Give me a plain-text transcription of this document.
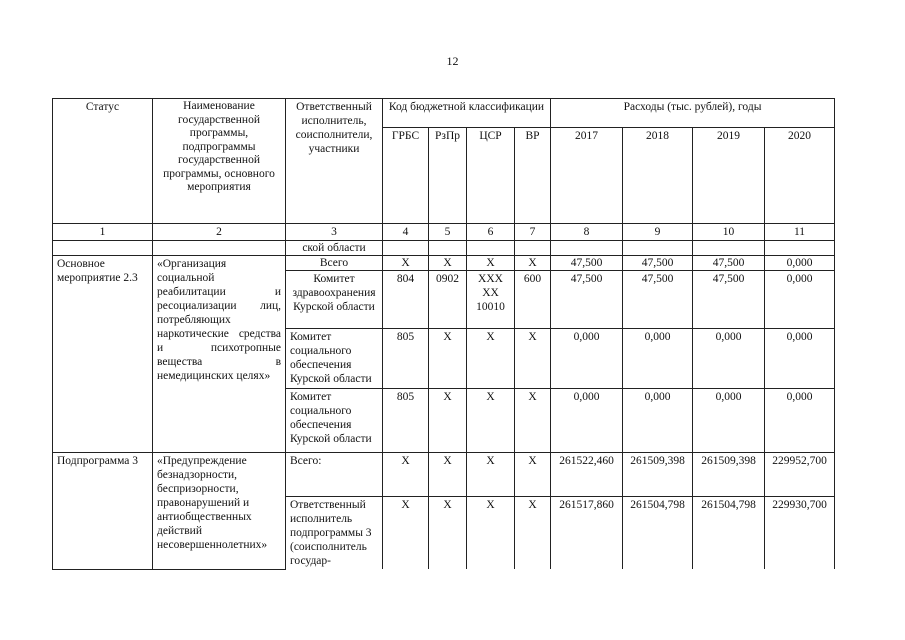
12
Статус	Наименование государственной программы, подпрограммы государственной программы, основного мероприятия	Ответственный исполнитель, соисполнители, участники	Код бюджетной классификации				Расходы (тыс. рублей), годы			
			ГРБС	РзПр	ЦСР	ВР	2017	2018	2019	2020
1	2	3	4	5	6	7	8	9	10	11
		ской области								
Основное мероприятие 2.3	«Организация социальной реабилитации и ресоциализации лиц, потребляющих наркотические средства и психотропные вещества в немедицинских целях»	Всего	X	X	X	X	47,500	47,500	47,500	0,000
		Комитет здравоохранения Курской области	804	0902	XXX XX 10010	600	47,500	47,500	47,500	0,000
		Комитет социального обеспечения Курской области	805	X	X	X	0,000	0,000	0,000	0,000
		Комитет социального обеспечения Курской области	805	X	X	X	0,000	0,000	0,000	0,000
Подпрограмма 3	«Предупреждение безнадзорности, беспризорности, правонарушений и антиобщественных действий несовершеннолетних»	Всего:	X	X	X	X	261522,460	261509,398	261509,398	229952,700
		Ответственный исполнитель подпрограммы 3 (соисполнитель государ-	X	X	X	X	261517,860	261504,798	261504,798	229930,700
